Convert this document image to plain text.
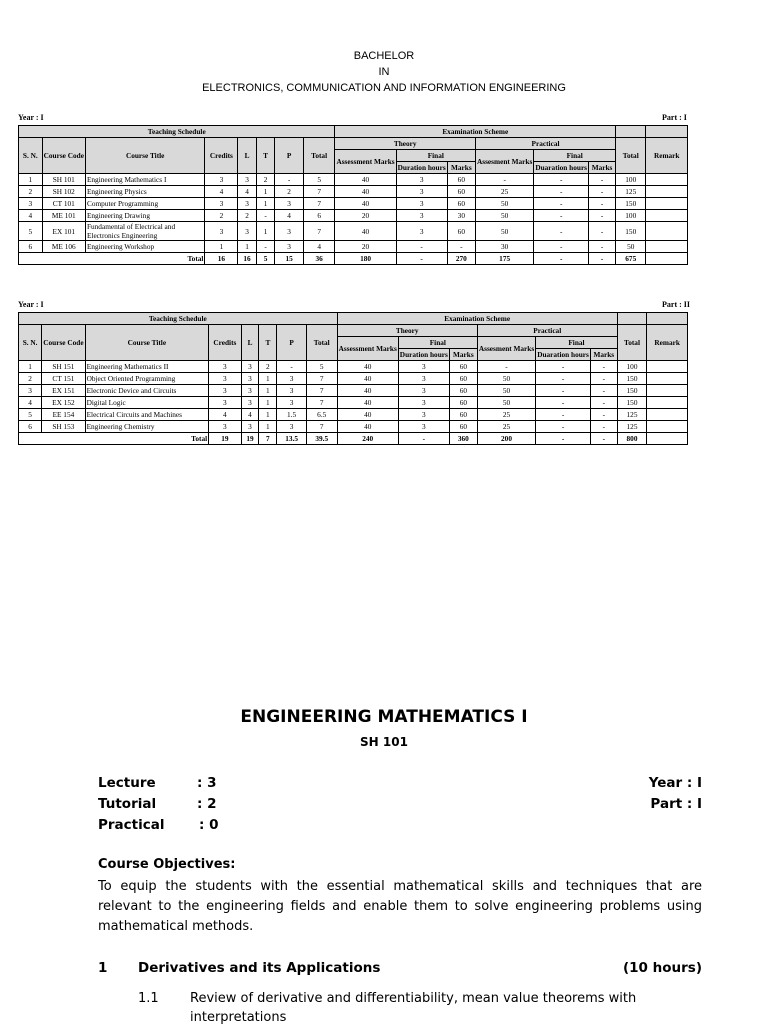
BACHELOR
IN
ELECTRONICS, COMMUNICATION AND INFORMATION ENGINEERING
Year : I	Part : I
Teaching Schedule								Examination Scheme							
S. N.	Course Code	Course Title	Credits	L	T	P	Total	Theory			Practical			Total	Remark
								Assessment Marks	Final		Assesment Marks	Final			
									Duration hours	Marks		Duaration hours	Marks		
1	SH 101	Engineering Mathematics I	3	3	2	-	5	40	3	60	-	-	-	100	
2	SH 102	Engineering Physics	4	4	1	2	7	40	3	60	25	-	-	125	
3	CT 101	Computer Programming	3	3	1	3	7	40	3	60	50	-	-	150	
4	ME 101	Engineering Drawing	2	2	-	4	6	20	3	30	50	-	-	100	
5	EX 101	Fundamental of Electrical and Electronics Engineering	3	3	1	3	7	40	3	60	50	-	-	150	
6	ME 106	Engineering Workshop	1	1	-	3	4	20	-	-	30	-	-	50	
Total			16	16	5	15	36	180	-	270	175	-	-	675	
Year : I	Part : II
Teaching Schedule								Examination Scheme							
S. N.	Course Code	Course Title	Credits	L	T	P	Total	Theory			Practical			Total	Remark
								Assessment Marks	Final		Assesment Marks	Final			
									Duration hours	Marks		Duaration hours	Marks		
1	SH 151	Engineering Mathematics II	3	3	2	-	5	40	3	60	-	-	-	100	
2	CT 151	Object Oriented Programming	3	3	1	3	7	40	3	60	50	-	-	150	
3	EX 151	Electronic Device and Circuits	3	3	1	3	7	40	3	60	50	-	-	150	
4	EX 152	Digital Logic	3	3	1	3	7	40	3	60	50	-	-	150	
5	EE 154	Electrical Circuits and Machines	4	4	1	1.5	6.5	40	3	60	25	-	-	125	
6	SH 153	Engineering Chemistry	3	3	1	3	7	40	3	60	25	-	-	125	
Total			19	19	7	13.5	39.5	240	-	360	200	-	-	800	
ENGINEERING MATHEMATICS I
SH 101
Lecture	: 3
Tutorial	: 2
Practical	: 0
Year : I
Part : I
Course Objectives:
To equip the students with the essential mathematical skills and techniques that are relevant to the engineering fields and enable them to solve engineering problems using mathematical methods.
1 Derivatives and its Applications	(10 hours)
1.1 Review of derivative and differentiability, mean value theorems with interpretations
